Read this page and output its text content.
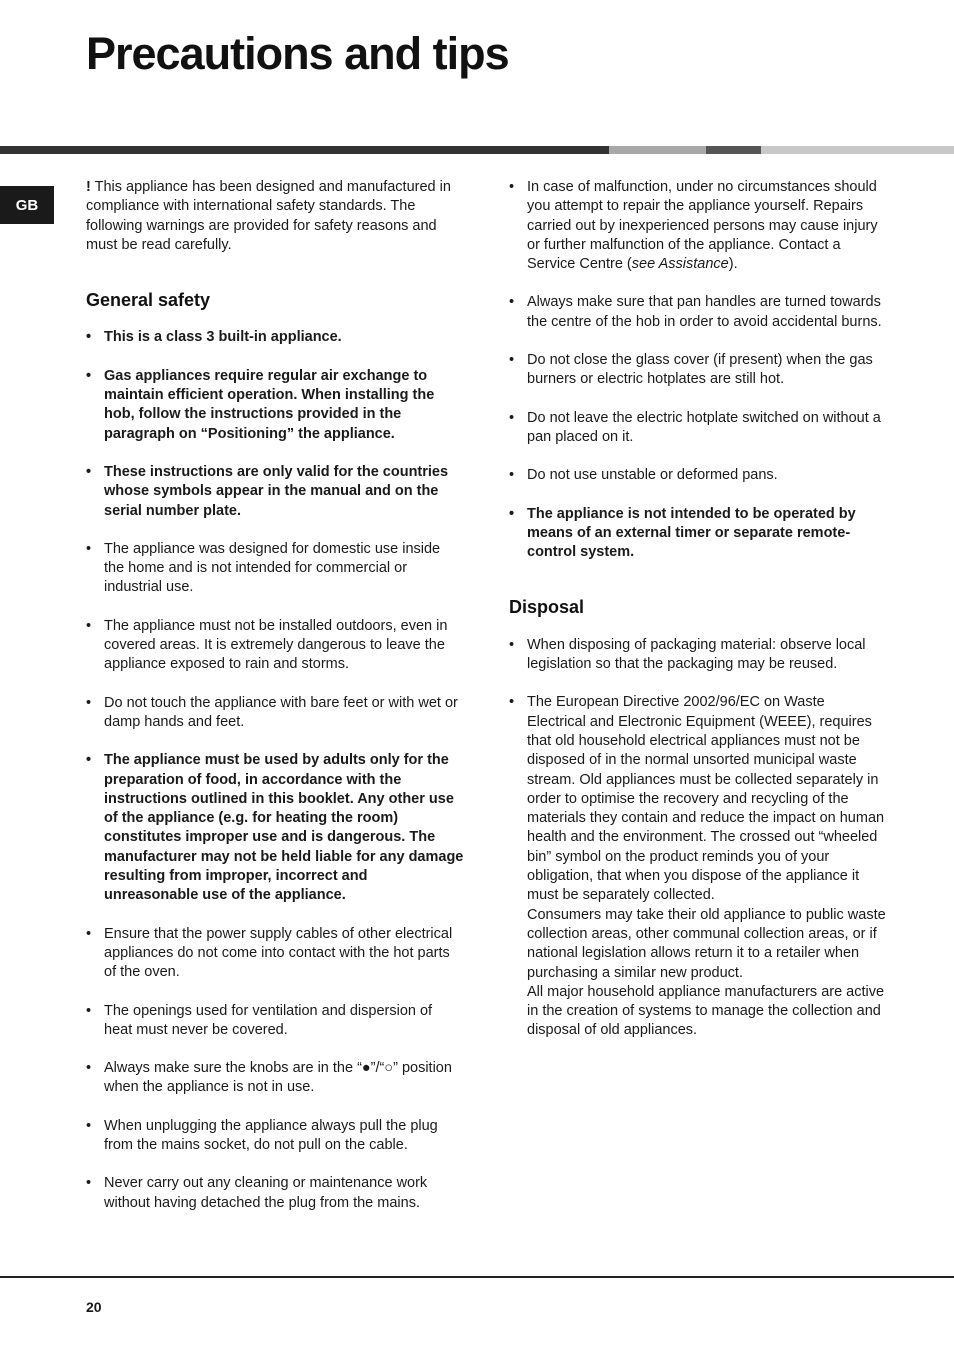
Precautions and tips
GB

! This appliance has been designed and manufactured in compliance with international safety standards. The following warnings are provided for safety reasons and must be read carefully.

General safety
• This is a class 3 built-in appliance.
• Gas appliances require regular air exchange to maintain efficient operation. When installing the hob, follow the instructions provided in the paragraph on “Positioning” the appliance.
• These instructions are only valid for the countries whose symbols appear in the manual and on the serial number plate.
• The appliance was designed for domestic use inside the home and is not intended for commercial or industrial use.
• The appliance must not be installed outdoors, even in covered areas. It is extremely dangerous to leave the appliance exposed to rain and storms.
• Do not touch the appliance with bare feet or with wet or damp hands and feet.
• The appliance must be used by adults only for the preparation of food, in accordance with the instructions outlined in this booklet. Any other use of the appliance (e.g. for heating the room) constitutes improper use and is dangerous. The manufacturer may not be held liable for any damage resulting from improper, incorrect and unreasonable use of the appliance.
• Ensure that the power supply cables of other electrical appliances do not come into contact with the hot parts of the oven.
• The openings used for ventilation and dispersion of heat must never be covered.
• Always make sure the knobs are in the “●”/“○” position when the appliance is not in use.
• When unplugging the appliance always pull the plug from the mains socket, do not pull on the cable.
• Never carry out any cleaning or maintenance work without having detached the plug from the mains.
• In case of malfunction, under no circumstances should you attempt to repair the appliance yourself. Repairs carried out by inexperienced persons may cause injury or further malfunction of the appliance. Contact a Service Centre (see Assistance).
• Always make sure that pan handles are turned towards the centre of the hob in order to avoid accidental burns.
• Do not close the glass cover (if present) when the gas burners or electric hotplates are still hot.
• Do not leave the electric hotplate switched on without a pan placed on it.
• Do not use unstable or deformed pans.
• The appliance is not intended to be operated by means of an external timer or separate remote-control system.
Disposal
• When disposing of packaging material: observe local legislation so that the packaging may be reused.
• The European Directive 2002/96/EC on Waste Electrical and Electronic Equipment (WEEE), requires that old household electrical appliances must not be disposed of in the normal unsorted municipal waste stream. Old appliances must be collected separately in order to optimise the recovery and recycling of the materials they contain and reduce the impact on human health and the environment. The crossed out “wheeled bin” symbol on the product reminds you of your obligation, that when you dispose of the appliance it must be separately collected.
Consumers may take their old appliance to public waste collection areas, other communal collection areas, or if national legislation allows return it to a retailer when purchasing a similar new product.
All major household appliance manufacturers are active in the creation of systems to manage the collection and disposal of old appliances.
20
